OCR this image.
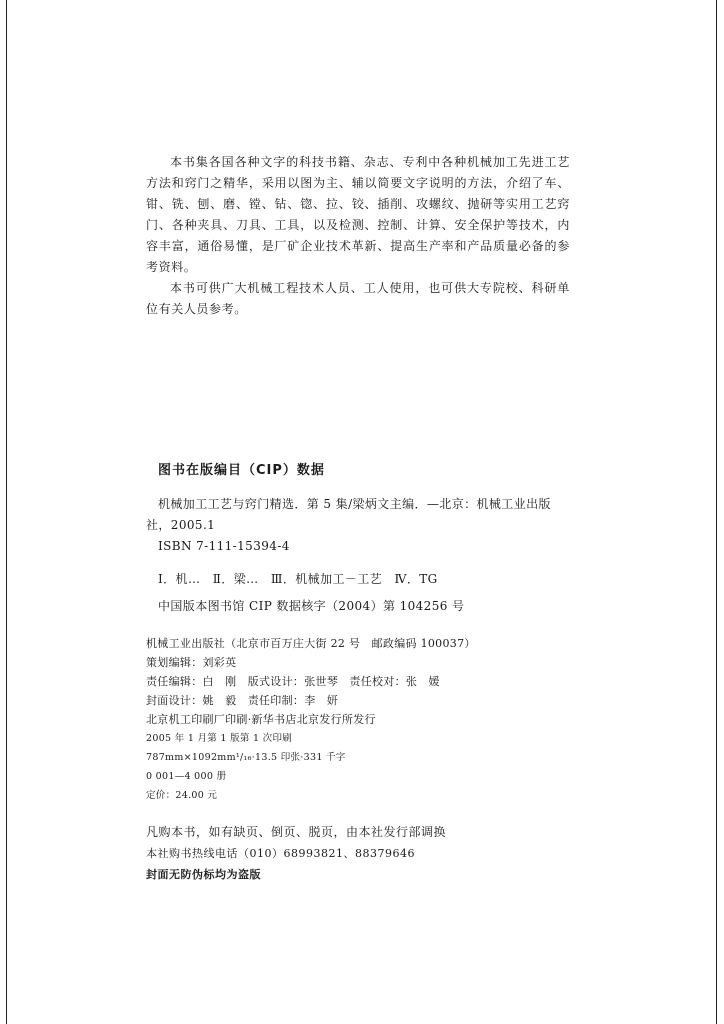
本书集各国各种文字的科技书籍、杂志、专利中各种机械加工先进工艺方法和窍门之精华，采用以图为主、辅以简要文字说明的方法，介绍了车、钳、铣、刨、磨、镗、钻、锪、拉、铰、插削、攻螺纹、抛研等实用工艺窍门、各种夹具、刀具、工具，以及检测、控制、计算、安全保护等技术，内容丰富，通俗易懂，是厂矿企业技术革新、提高生产率和产品质量必备的参考资料。

本书可供广大机械工程技术人员、工人使用，也可供大专院校、科研单位有关人员参考。

图书在版编目（CIP）数据

机械加工工艺与窍门精选．第 5 集/梁炳文主编．—北京：机械工业出版社，2005.1

ISBN 7-111-15394-4

Ⅰ．机…　Ⅱ．梁…　Ⅲ．机械加工－工艺　Ⅳ．TG

中国版本图书馆 CIP 数据核字（2004）第 104256 号

机械工业出版社（北京市百万庄大街 22 号　邮政编码 100037）

策划编辑：刘彩英

责任编辑：白　刚　版式设计：张世琴　责任校对：张　媛

封面设计：姚　毅　责任印制：李　妍

北京机工印刷厂印刷·新华书店北京发行所发行

2005 年 1 月第 1 版第 1 次印刷

787mm×1092mm¹/₁₆·13.5 印张·331 千字

0 001—4 000 册

定价：24.00 元

凡购本书，如有缺页、倒页、脱页，由本社发行部调换

本社购书热线电话（010）68993821、88379646

封面无防伪标均为盗版
